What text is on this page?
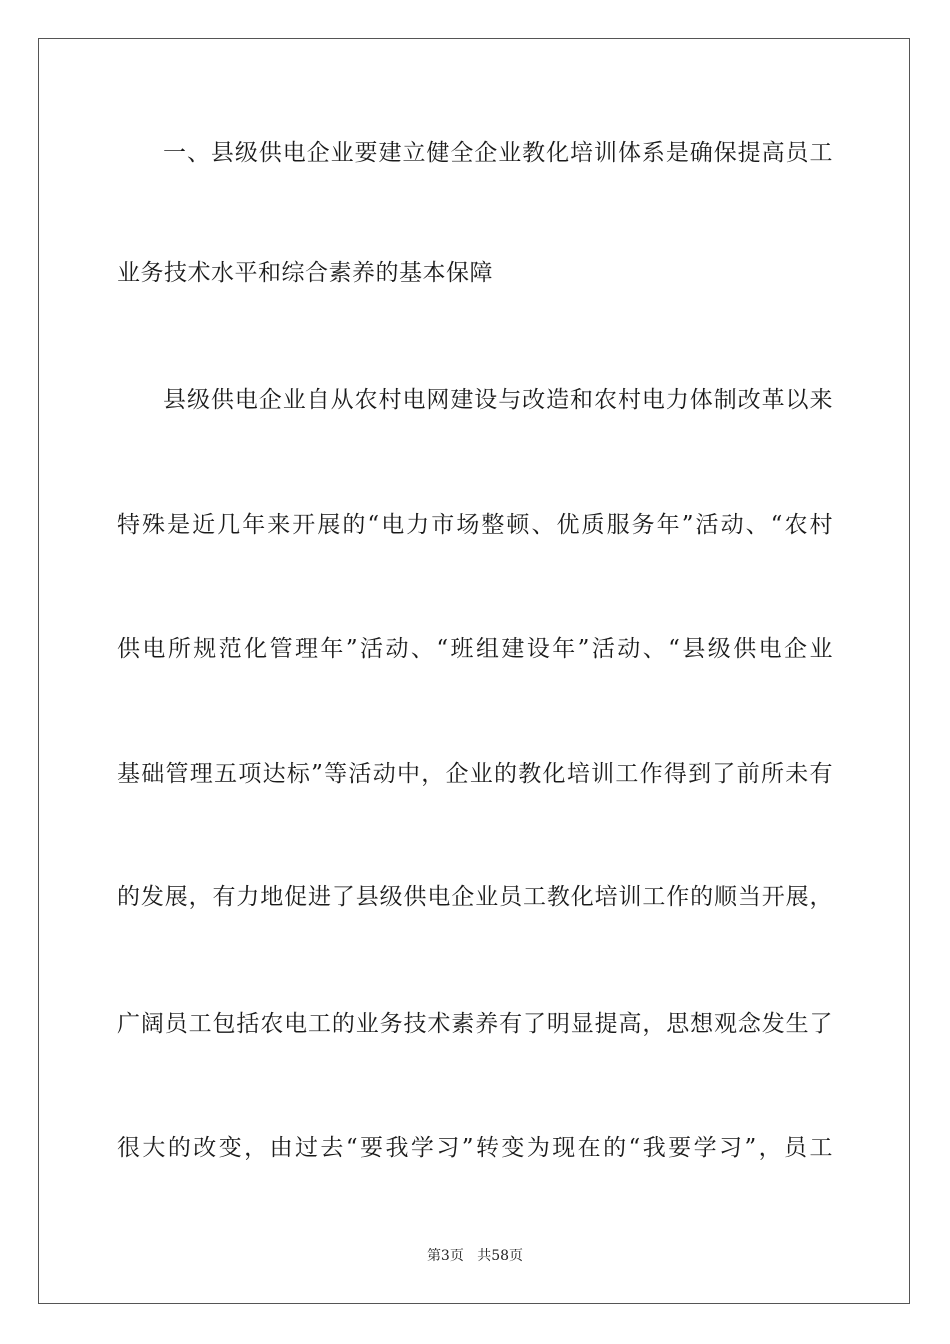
一、县级供电企业要建立健全企业教化培训体系是确保提高员工
业务技术水平和综合素养的基本保障
县级供电企业自从农村电网建设与改造和农村电力体制改革以来
特殊是近几年来开展的“电力市场整顿、优质服务年”活动、“农村
供电所规范化管理年”活动、“班组建设年”活动、“县级供电企业
基础管理五项达标”等活动中，企业的教化培训工作得到了前所未有
的发展，有力地促进了县级供电企业员工教化培训工作的顺当开展，
广阔员工包括农电工的业务技术素养有了明显提高，思想观念发生了
很大的改变，由过去“要我学习”转变为现在的“我要学习”，员工
第3页 共58页
